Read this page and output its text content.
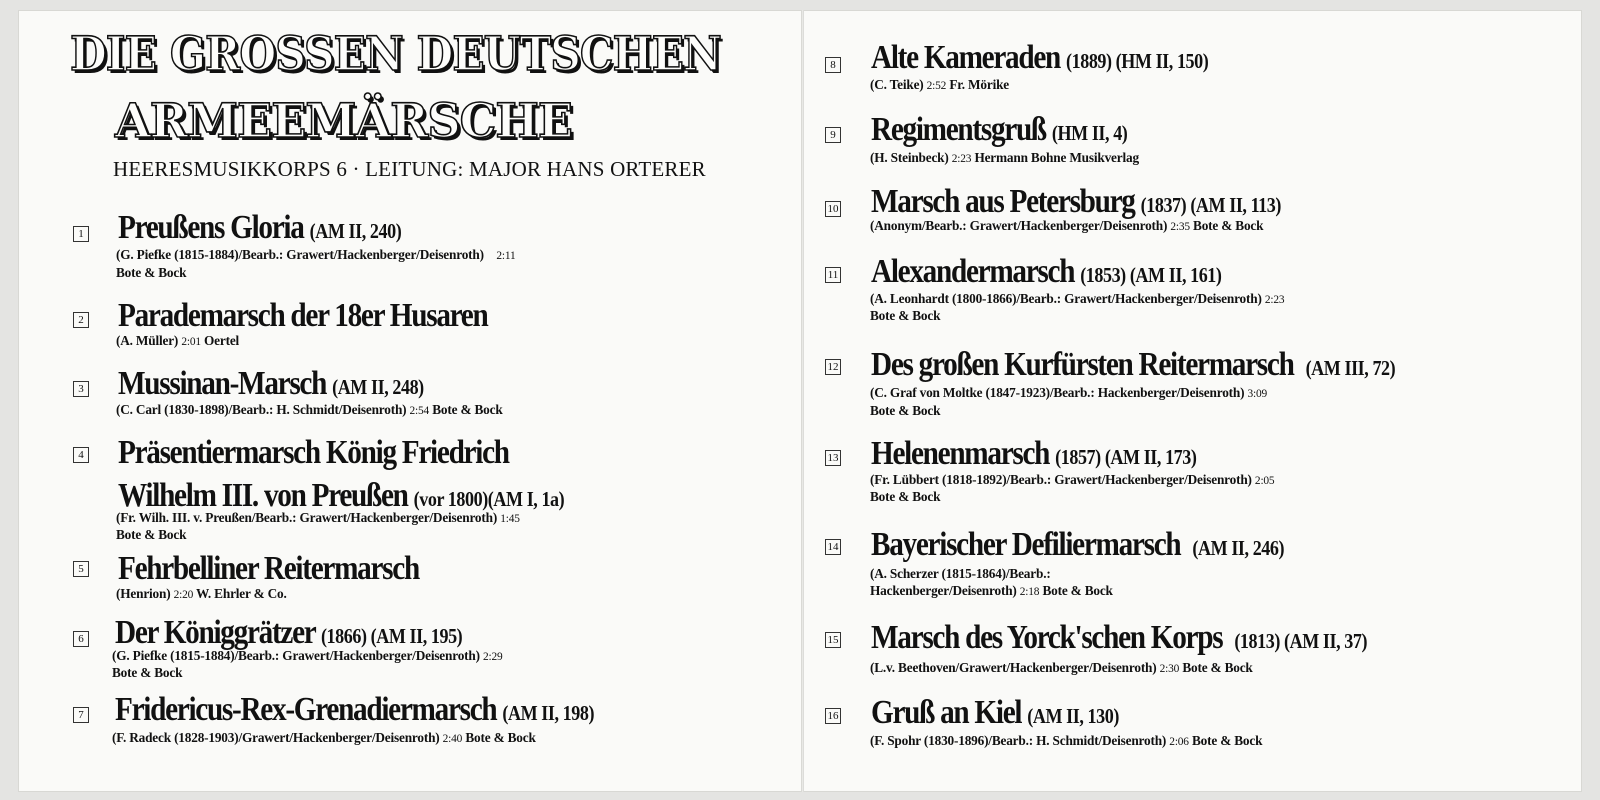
DIE GROSSEN DEUTSCHEN
ARMEEMÄRSCHE
HEERESMUSIKKORPS 6 · LEITUNG: MAJOR HANS ORTERER
1 Preußens Gloria (AM II, 240)
(G. Piefke (1815-1884)/Bearb.: Grawert/Hackenberger/Deisenroth) 2:11
Bote & Bock
2 Parademarsch der 18er Husaren
(A. Müller) 2:01 Oertel
3 Mussinan-Marsch (AM II, 248)
(C. Carl (1830-1898)/Bearb.: H. Schmidt/Deisenroth) 2:54 Bote & Bock
4 Präsentiermarsch König Friedrich
Wilhelm III. von Preußen (vor 1800)(AM I, 1a)
(Fr. Wilh. III. v. Preußen/Bearb.: Grawert/Hackenberger/Deisenroth) 1:45
Bote & Bock
5 Fehrbelliner Reitermarsch
(Henrion) 2:20 W. Ehrler & Co.
6 Der Königgrätzer (1866) (AM II, 195)
(G. Piefke (1815-1884)/Bearb.: Grawert/Hackenberger/Deisenroth) 2:29
Bote & Bock
7 Fridericus-Rex-Grenadiermarsch (AM II, 198)
(F. Radeck (1828-1903)/Grawert/Hackenberger/Deisenroth) 2:40 Bote & Bock
8 Alte Kameraden (1889) (HM II, 150)
(C. Teike) 2:52 Fr. Mörike
9 Regimentsgruß (HM II, 4)
(H. Steinbeck) 2:23 Hermann Bohne Musikverlag
10 Marsch aus Petersburg (1837) (AM II, 113)
(Anonym/Bearb.: Grawert/Hackenberger/Deisenroth) 2:35 Bote & Bock
11 Alexandermarsch (1853) (AM II, 161)
(A. Leonhardt (1800-1866)/Bearb.: Grawert/Hackenberger/Deisenroth) 2:23
Bote & Bock
12 Des großen Kurfürsten Reitermarsch (AM III, 72)
(C. Graf von Moltke (1847-1923)/Bearb.: Hackenberger/Deisenroth) 3:09
Bote & Bock
13 Helenenmarsch (1857) (AM II, 173)
(Fr. Lübbert (1818-1892)/Bearb.: Grawert/Hackenberger/Deisenroth) 2:05
Bote & Bock
14 Bayerischer Defiliermarsch (AM II, 246)
(A. Scherzer (1815-1864)/Bearb.:
Hackenberger/Deisenroth) 2:18 Bote & Bock
15 Marsch des Yorck'schen Korps (1813) (AM II, 37)
(L.v. Beethoven/Grawert/Hackenberger/Deisenroth) 2:30 Bote & Bock
16 Gruß an Kiel (AM II, 130)
(F. Spohr (1830-1896)/Bearb.: H. Schmidt/Deisenroth) 2:06 Bote & Bock
